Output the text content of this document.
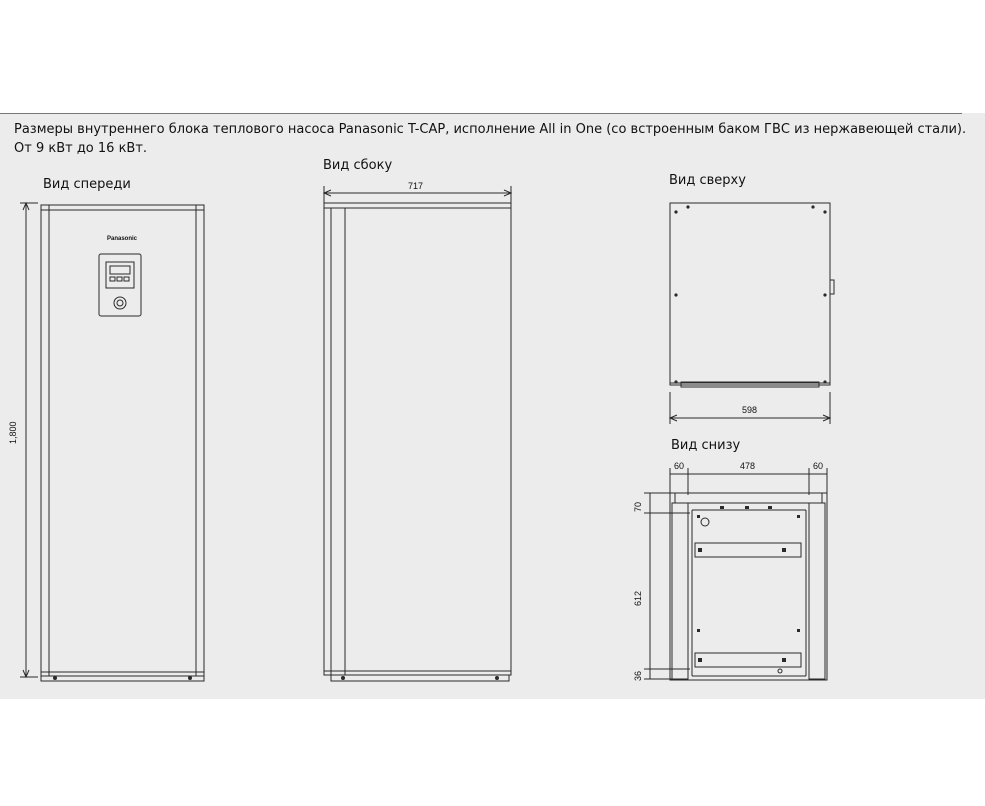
Размеры внутреннего блока теплового насоса Panasonic T-CAP, исполнение All in One (со встроенным баком ГВС из нержавеющей стали).
От 9 кВт до 16 кВт.
Вид спереди
Вид сбоку
Вид сверху
Вид снизу
Panasonic
1,800
717
598
60	478	60
70
612
36
